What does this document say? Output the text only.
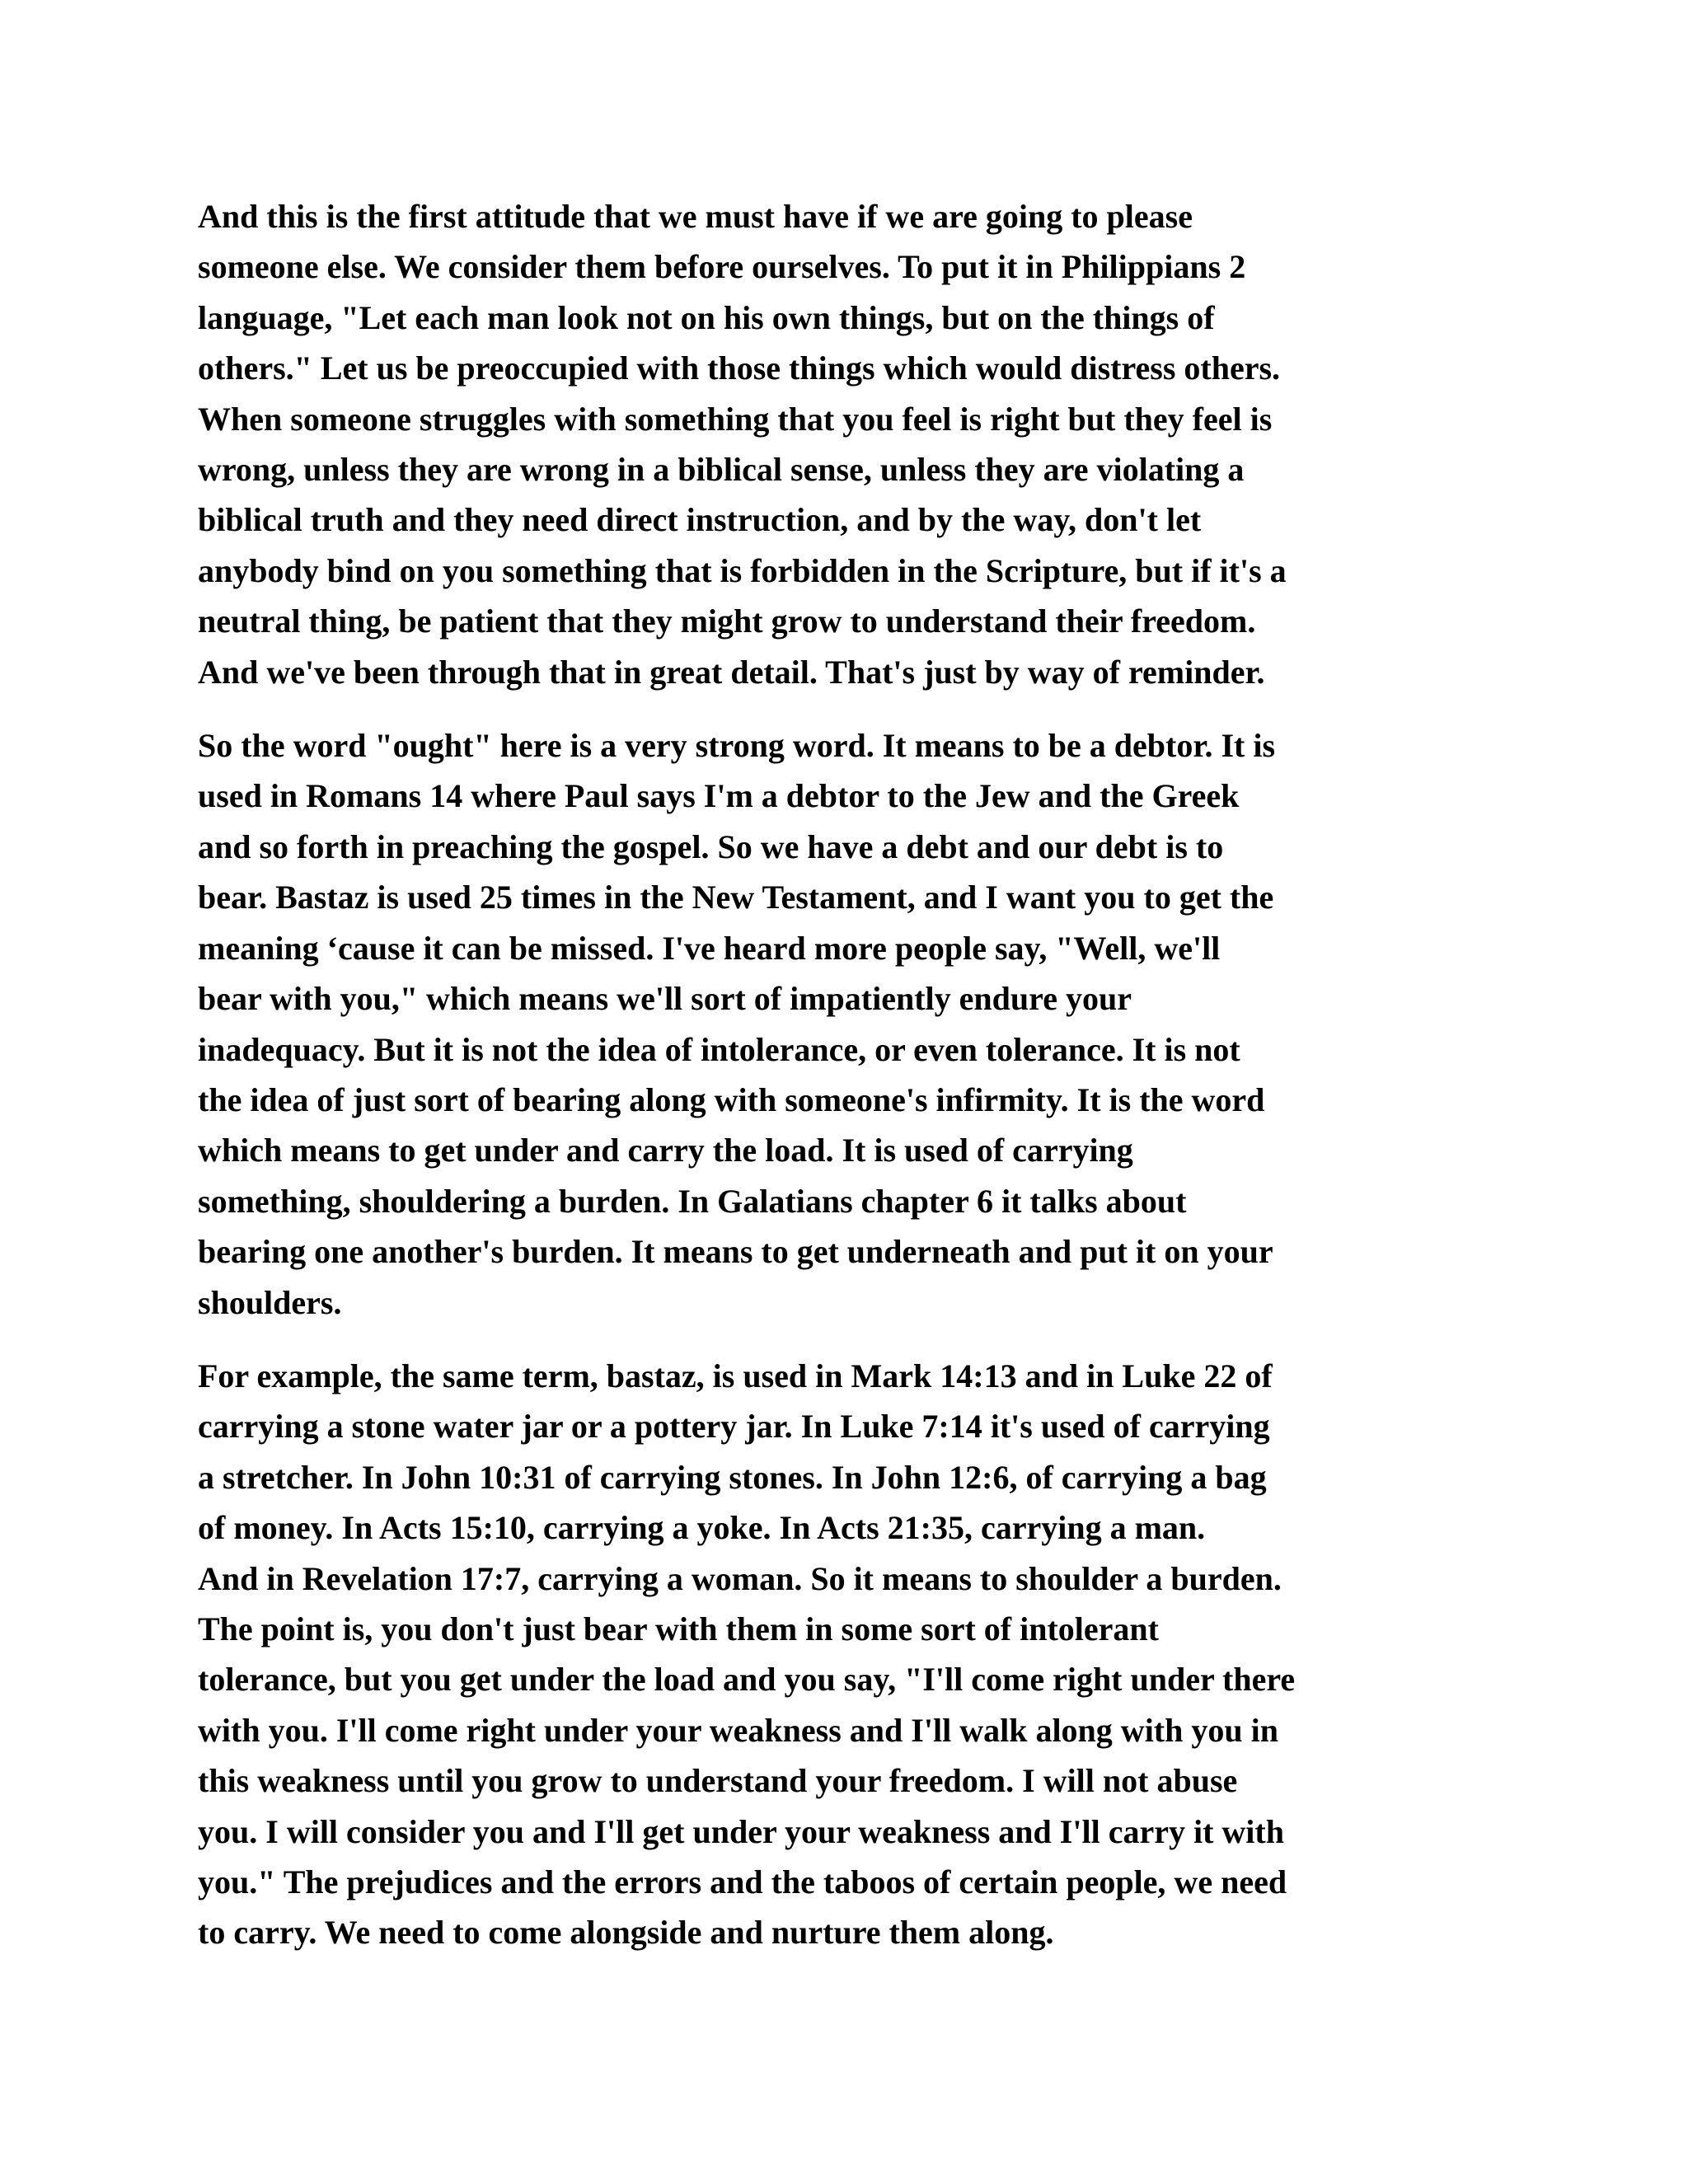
And this is the first attitude that we must have if we are going to please
someone else. We consider them before ourselves. To put it in Philippians 2
language, "Let each man look not on his own things, but on the things of
others." Let us be preoccupied with those things which would distress others.
When someone struggles with something that you feel is right but they feel is
wrong, unless they are wrong in a biblical sense, unless they are violating a
biblical truth and they need direct instruction, and by the way, don't let
anybody bind on you something that is forbidden in the Scripture, but if it's a
neutral thing, be patient that they might grow to understand their freedom.
And we've been through that in great detail. That's just by way of reminder.
So the word "ought" here is a very strong word. It means to be a debtor. It is
used in Romans 14 where Paul says I'm a debtor to the Jew and the Greek
and so forth in preaching the gospel. So we have a debt and our debt is to
bear. Bastaz is used 25 times in the New Testament, and I want you to get the
meaning ‘cause it can be missed. I've heard more people say, "Well, we'll
bear with you," which means we'll sort of impatiently endure your
inadequacy. But it is not the idea of intolerance, or even tolerance. It is not
the idea of just sort of bearing along with someone's infirmity. It is the word
which means to get under and carry the load. It is used of carrying
something, shouldering a burden. In Galatians chapter 6 it talks about
bearing one another's burden. It means to get underneath and put it on your
shoulders.
For example, the same term, bastaz, is used in Mark 14:13 and in Luke 22 of
carrying a stone water jar or a pottery jar. In Luke 7:14 it's used of carrying
a stretcher. In John 10:31 of carrying stones. In John 12:6, of carrying a bag
of money. In Acts 15:10, carrying a yoke. In Acts 21:35, carrying a man.
And in Revelation 17:7, carrying a woman. So it means to shoulder a burden.
The point is, you don't just bear with them in some sort of intolerant
tolerance, but you get under the load and you say, "I'll come right under there
with you. I'll come right under your weakness and I'll walk along with you in
this weakness until you grow to understand your freedom. I will not abuse
you. I will consider you and I'll get under your weakness and I'll carry it with
you." The prejudices and the errors and the taboos of certain people, we need
to carry. We need to come alongside and nurture them along.
